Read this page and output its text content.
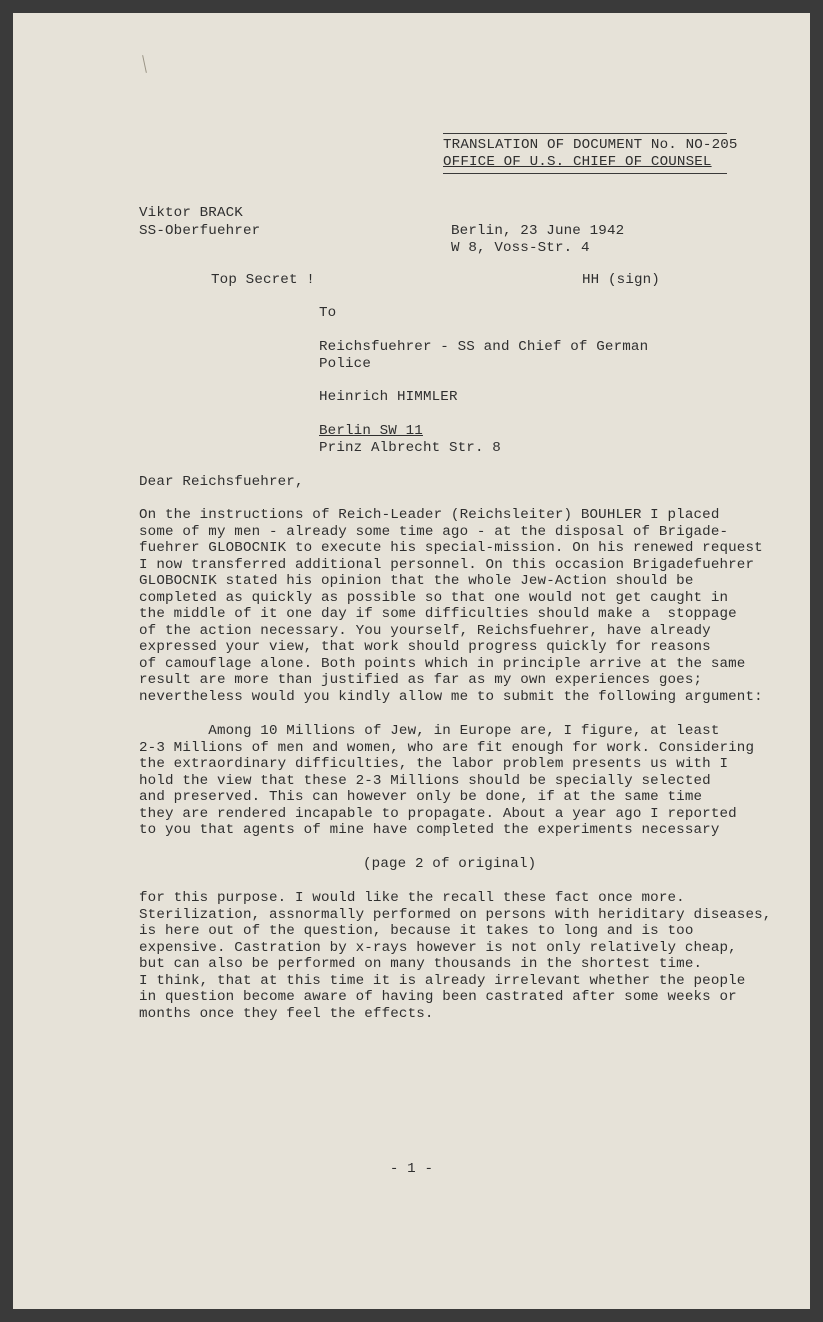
TRANSLATION OF DOCUMENT No. NO-205
OFFICE OF U.S. CHIEF OF COUNSEL
Viktor BRACK
SS-Oberfuehrer	Berlin, 23 June 1942
W 8, Voss-Str. 4
Top Secret !	HH (sign)
To
Reichsfuehrer - SS and Chief of German
Police
Heinrich HIMMLER
Berlin SW 11
Prinz Albrecht Str. 8
Dear Reichsfuehrer,
On the instructions of Reich-Leader (Reichsleiter) BOUHLER I placed
some of my men - already some time ago - at the disposal of Brigade-
fuehrer GLOBOCNIK to execute his special-mission. On his renewed request
I now transferred additional personnel. On this occasion Brigadefuehrer
GLOBOCNIK stated his opinion that the whole Jew-Action should be
completed as quickly as possible so that one would not get caught in
the middle of it one day if some difficulties should make a  stoppage
of the action necessary. You yourself, Reichsfuehrer, have already
expressed your view, that work should progress quickly for reasons
of camouflage alone. Both points which in principle arrive at the same
result are more than justified as far as my own experiences goes;
nevertheless would you kindly allow me to submit the following argument:
Among 10 Millions of Jew, in Europe are, I figure, at least
2-3 Millions of men and women, who are fit enough for work. Considering
the extraordinary difficulties, the labor problem presents us with I
hold the view that these 2-3 Millions should be specially selected
and preserved. This can however only be done, if at the same time
they are rendered incapable to propagate. About a year ago I reported
to you that agents of mine have completed the experiments necessary
(page 2 of original)
for this purpose. I would like the recall these fact once more.
Sterilization, assnormally performed on persons with heriditary diseases,
is here out of the question, because it takes to long and is too
expensive. Castration by x-rays however is not only relatively cheap,
but can also be performed on many thousands in the shortest time.
I think, that at this time it is already irrelevant whether the people
in question become aware of having been castrated after some weeks or
months once they feel the effects.
- 1 -
